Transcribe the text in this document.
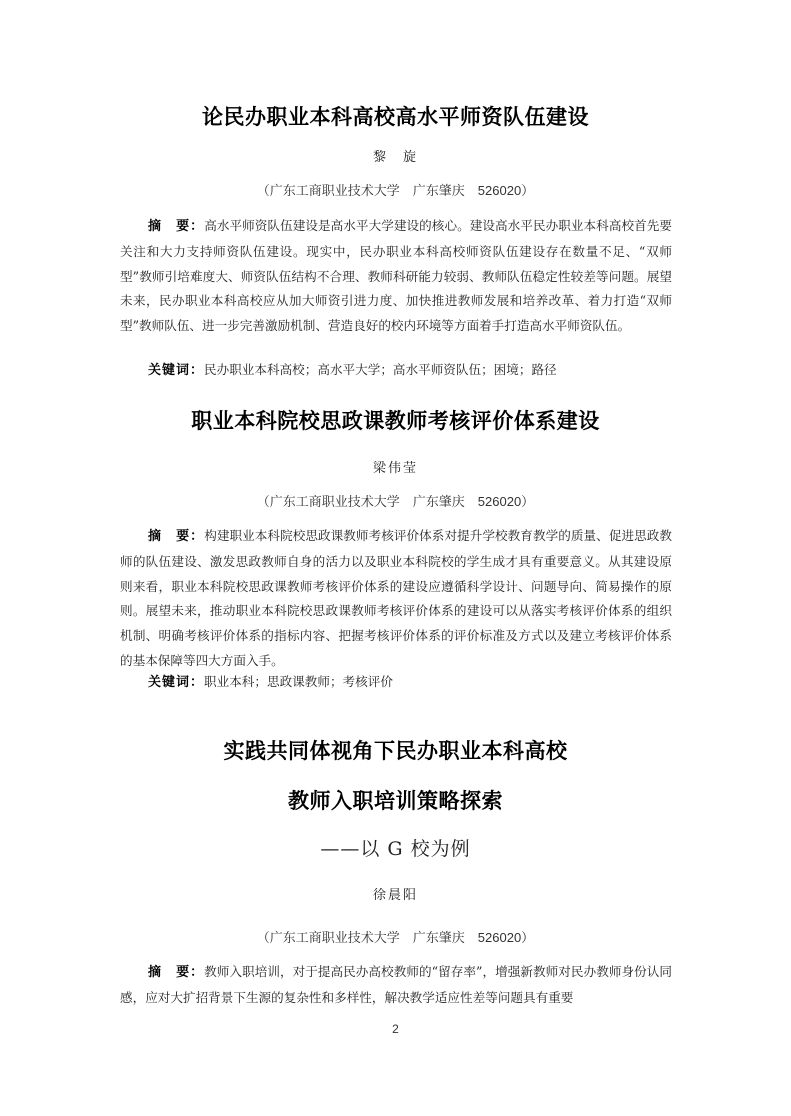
论民办职业本科高校高水平师资队伍建设
黎　旋
（广东工商职业技术大学　广东肇庆　526020）

摘　要：高水平师资队伍建设是高水平大学建设的核心。建设高水平民办职业本科高校首先要关注和大力支持师资队伍建设。现实中，民办职业本科高校师资队伍建设存在数量不足、“双师型”教师引培难度大、师资队伍结构不合理、教师科研能力较弱、教师队伍稳定性较差等问题。展望未来，民办职业本科高校应从加大师资引进力度、加快推进教师发展和培养改革、着力打造“双师型”教师队伍、进一步完善激励机制、营造良好的校内环境等方面着手打造高水平师资队伍。

关键词：民办职业本科高校；高水平大学；高水平师资队伍；困境；路径
职业本科院校思政课教师考核评价体系建设
梁伟莹
（广东工商职业技术大学　广东肇庆　526020）

摘　要：构建职业本科院校思政课教师考核评价体系对提升学校教育教学的质量、促进思政教师的队伍建设、激发思政教师自身的活力以及职业本科院校的学生成才具有重要意义。从其建设原则来看，职业本科院校思政课教师考核评价体系的建设应遵循科学设计、问题导向、简易操作的原则。展望未来，推动职业本科院校思政课教师考核评价体系的建设可以从落实考核评价体系的组织机制、明确考核评价体系的指标内容、把握考核评价体系的评价标准及方式以及建立考核评价体系的基本保障等四大方面入手。

关键词：职业本科；思政课教师；考核评价
实践共同体视角下民办职业本科高校
教师入职培训策略探索
——以 G 校为例
徐晨阳
（广东工商职业技术大学　广东肇庆　526020）

摘　要：教师入职培训，对于提高民办高校教师的“留存率”，增强新教师对民办教师身份认同感，应对大扩招背景下生源的复杂性和多样性，解决教学适应性差等问题具有重要

2
